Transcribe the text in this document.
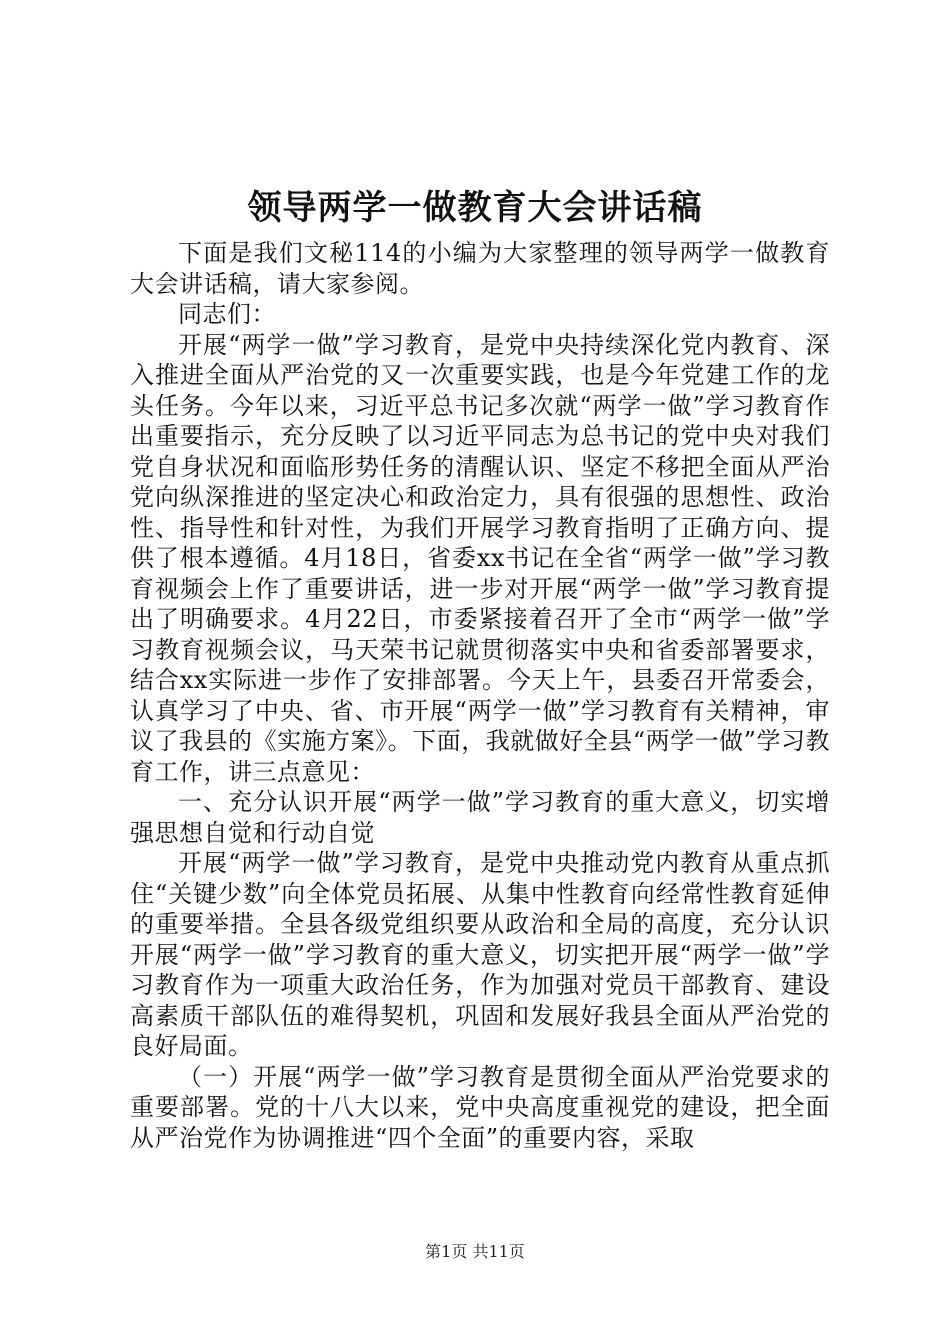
领导两学一做教育大会讲话稿

下面是我们文秘114的小编为大家整理的领导两学一做教育大会讲话稿，请大家参阅。

同志们：

开展“两学一做”学习教育，是党中央持续深化党内教育、深入推进全面从严治党的又一次重要实践，也是今年党建工作的龙头任务。今年以来，习近平总书记多次就“两学一做”学习教育作出重要指示，充分反映了以习近平同志为总书记的党中央对我们党自身状况和面临形势任务的清醒认识、坚定不移把全面从严治党向纵深推进的坚定决心和政治定力，具有很强的思想性、政治性、指导性和针对性，为我们开展学习教育指明了正确方向、提供了根本遵循。4月18日，省委xx书记在全省“两学一做”学习教育视频会上作了重要讲话，进一步对开展“两学一做”学习教育提出了明确要求。4月22日，市委紧接着召开了全市“两学一做”学习教育视频会议，马天荣书记就贯彻落实中央和省委部署要求，结合xx实际进一步作了安排部署。今天上午，县委召开常委会，认真学习了中央、省、市开展“两学一做”学习教育有关精神，审议了我县的《实施方案》。下面，我就做好全县“两学一做”学习教育工作，讲三点意见：

一、充分认识开展“两学一做”学习教育的重大意义，切实增强思想自觉和行动自觉

开展“两学一做”学习教育，是党中央推动党内教育从重点抓住“关键少数”向全体党员拓展、从集中性教育向经常性教育延伸的重要举措。全县各级党组织要从政治和全局的高度，充分认识开展“两学一做”学习教育的重大意义，切实把开展“两学一做”学习教育作为一项重大政治任务，作为加强对党员干部教育、建设高素质干部队伍的难得契机，巩固和发展好我县全面从严治党的良好局面。

（一）开展“两学一做”学习教育是贯彻全面从严治党要求的重要部署。党的十八大以来，党中央高度重视党的建设，把全面从严治党作为协调推进“四个全面”的重要内容，采取

第1页 共11页
